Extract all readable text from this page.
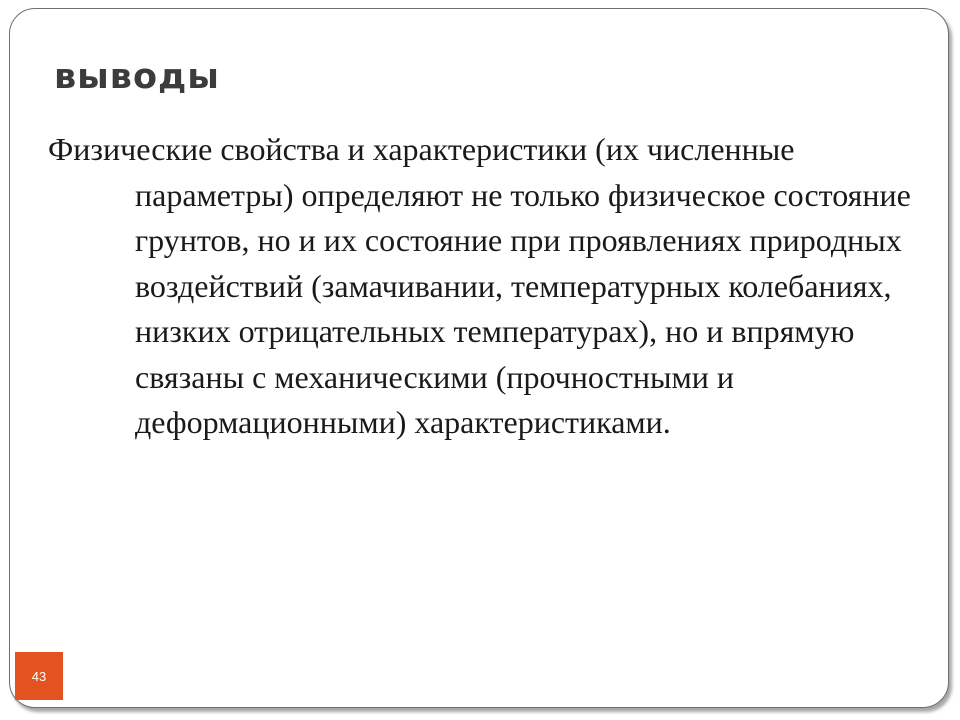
выводы

Физические свойства и характеристики (их численные параметры) определяют не только физическое состояние грунтов, но и их состояние при проявлениях природных воздействий (замачивании, температурных колебаниях, низких отрицательных температурах), но и впрямую связаны с механическими (прочностными и деформационными) характеристиками.

43
